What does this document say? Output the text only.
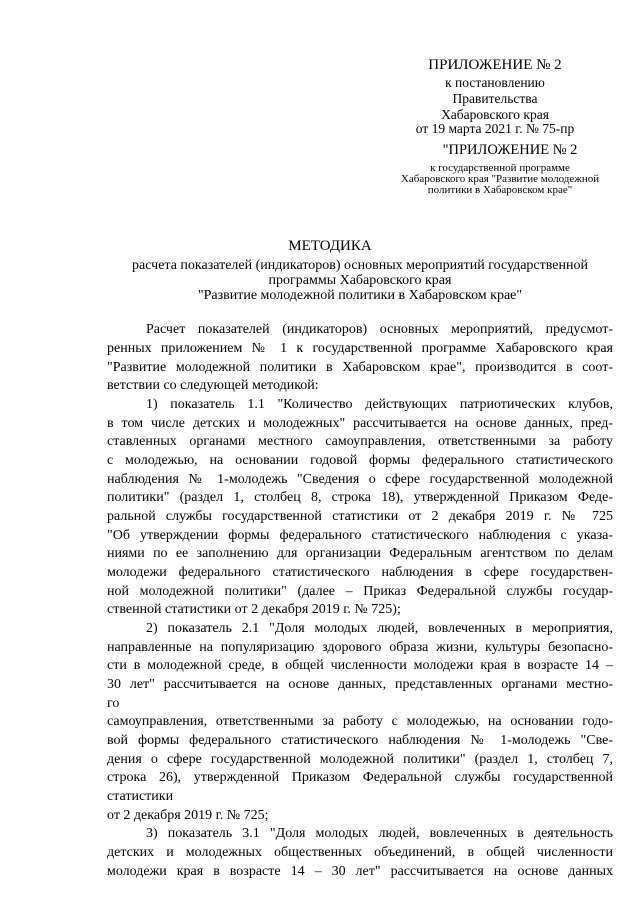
ПРИЛОЖЕНИЕ № 2
к постановлению
Правительства
Хабаровского края
от 19 марта 2021 г. № 75-пр
"ПРИЛОЖЕНИЕ № 2
к государственной программе
Хабаровского края "Развитие молодежной
политики в Хабаровском крае"
МЕТОДИКА
расчета показателей (индикаторов) основных мероприятий государственной
программы Хабаровского края
"Развитие молодежной политики в Хабаровском крае"
Расчет показателей (индикаторов) основных мероприятий, предусмот-
ренных приложением № 1 к государственной программе Хабаровского края
"Развитие молодежной политики в Хабаровском крае", производится в соот-
ветствии со следующей методикой:
1) показатель 1.1 "Количество действующих патриотических клубов,
в том числе детских и молодежных" рассчитывается на основе данных, пред-
ставленных органами местного самоуправления, ответственными за работу
с молодежью, на основании годовой формы федерального статистического
наблюдения № 1-молодежь "Сведения о сфере государственной молодежной
политики" (раздел 1, столбец 8, строка 18), утвержденной Приказом Феде-
ральной службы государственной статистики от 2 декабря 2019 г. № 725
"Об утверждении формы федерального статистического наблюдения с указа-
ниями по ее заполнению для организации Федеральным агентством по делам
молодежи федерального статистического наблюдения в сфере государствен-
ной молодежной политики" (далее – Приказ Федеральной службы государ-
ственной статистики от 2 декабря 2019 г. № 725);
2) показатель 2.1 "Доля молодых людей, вовлеченных в мероприятия,
направленные на популяризацию здорового образа жизни, культуры безопасно-
сти в молодежной среде, в общей численности молодежи края в возрасте 14 –
30 лет" рассчитывается на основе данных, представленных органами местно-
го
самоуправления, ответственными за работу с молодежью, на основании годо-
вой формы федерального статистического наблюдения № 1-молодежь "Све-
дения о сфере государственной молодежной политики" (раздел 1, столбец 7,
строка 26), утвержденной Приказом Федеральной службы государственной
статистики
от 2 декабря 2019 г. № 725;
3) показатель 3.1 "Доля молодых людей, вовлеченных в деятельность
детских и молодежных общественных объединений, в общей численности
молодежи края в возрасте 14 – 30 лет" рассчитывается на основе данных
